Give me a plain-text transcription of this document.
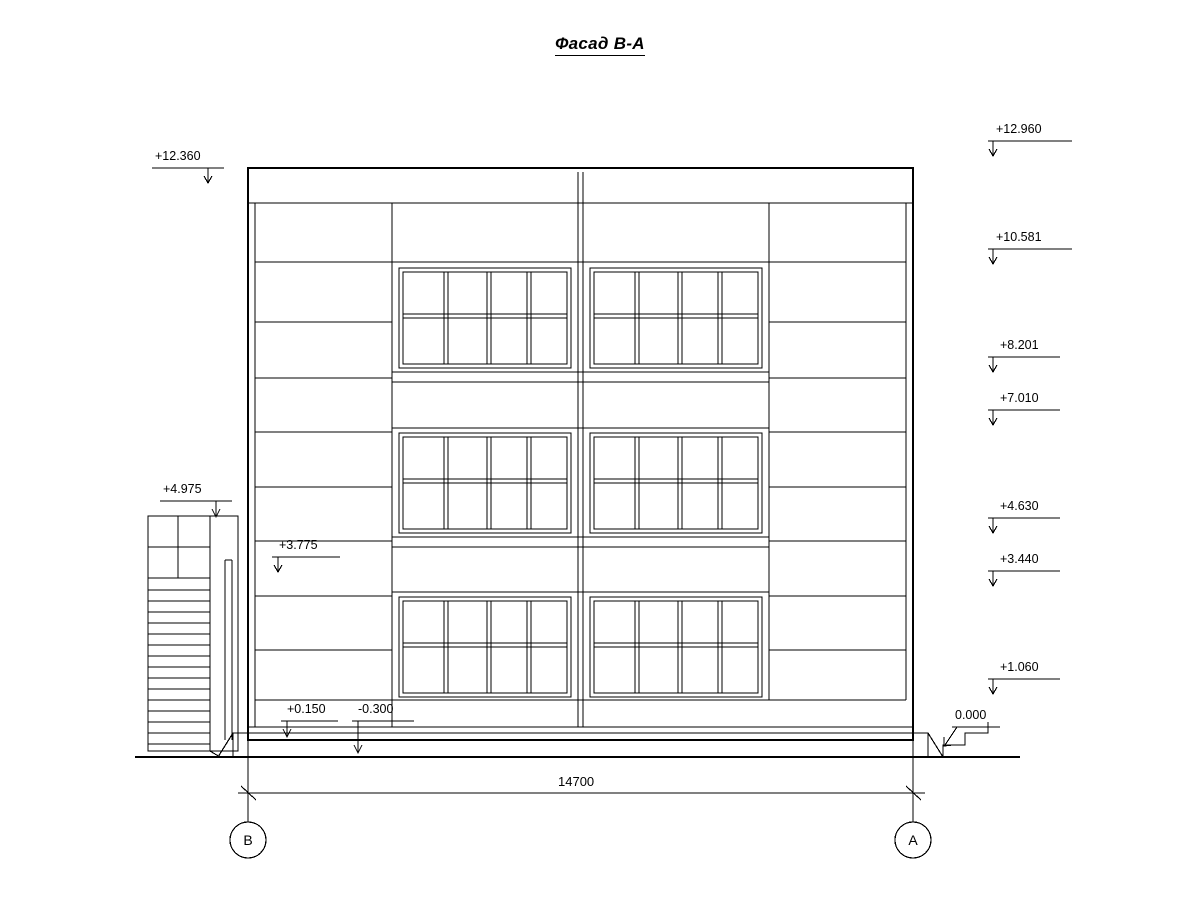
Фасад В-А
+12.960
+10.581
+8.201
+7.010
+4.630
+3.440
+1.060
0.000
+12.360
+4.975
+3.775
+0.150	-0.300
14700
В	А
